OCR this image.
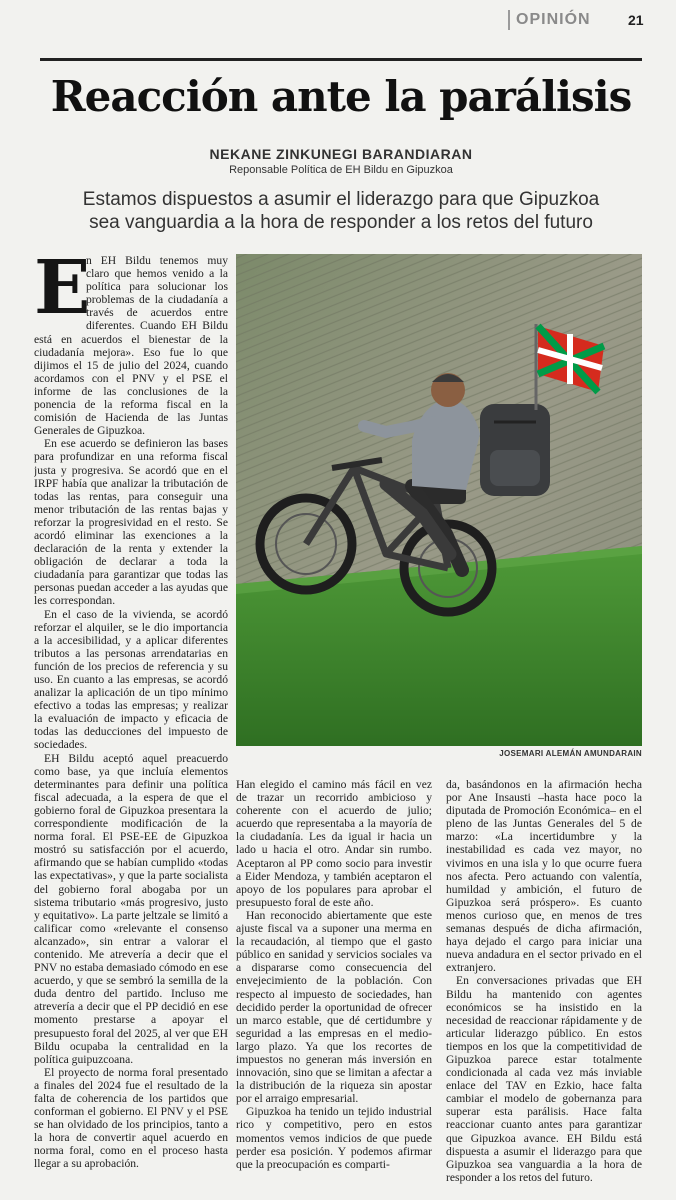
OPINIÓN	21
Reacción ante la parálisis
NEKANE ZINKUNEGI BARANDIARAN
Reponsable Política de EH Bildu en Gipuzkoa
Estamos dispuestos a asumir el liderazgo para que Gipuzkoa
sea vanguardia a la hora de responder a los retos del futuro
E

n EH Bildu tenemos muy claro que hemos venido a la política para solucionar los problemas de la ciudadanía a través de acuerdos entre diferentes. Cuando EH Bildu está en acuerdos el bienestar de la ciudadanía mejora». Eso fue lo que dijimos el 15 de julio del 2024, cuando acordamos con el PNV y el PSE el informe de las conclusiones de la ponencia de la reforma fiscal en la comisión de Hacienda de las Juntas Generales de Gipuzkoa.

En ese acuerdo se definieron las bases para profundizar en una reforma fiscal justa y progresiva. Se acordó que en el IRPF había que analizar la tributación de todas las rentas, para conseguir una menor tributación de las rentas bajas y reforzar la progresividad en el resto. Se acordó eliminar las exenciones a la declaración de la renta y extender la obligación de declarar a toda la ciudadanía para garantizar que todas las personas puedan acceder a las ayudas que les correspondan.

En el caso de la vivienda, se acordó reforzar el alquiler, se le dio importancia a la accesibilidad, y a aplicar diferentes tributos a las personas arrendatarias en función de los precios de referencia y su uso. En cuanto a las empresas, se acordó analizar la aplicación de un tipo mínimo efectivo a todas las empresas; y realizar la evaluación de impacto y eficacia de todas las deducciones del impuesto de sociedades.

EH Bildu aceptó aquel preacuerdo como base, ya que incluía elementos determinantes para definir una política fiscal adecuada, a la espera de que el gobierno foral de Gipuzkoa presentara la correspondiente modificación de la norma foral. El PSE-EE de Gipuzkoa mostró su satisfacción por el acuerdo, afirmando que se habían cumplido «todas las expectativas», y que la parte socialista del gobierno foral abogaba por un sistema tributario «más progresivo, justo y equitativo». La parte jeltzale se limitó a calificar como «relevante el consenso alcanzado», sin entrar a valorar el contenido. Me atrevería a decir que el PNV no estaba demasiado cómodo en ese acuerdo, y que se sembró la semilla de la duda dentro del partido. Incluso me atrevería a decir que el PP decidió en ese momento prestarse a apoyar el presupuesto foral del 2025, al ver que EH Bildu ocupaba la centralidad en la política guipuzcoana.

El proyecto de norma foral presentado a finales del 2024 fue el resultado de la falta de coherencia de los partidos que conforman el gobierno. El PNV y el PSE se han olvidado de los principios, tanto a la hora de convertir aquel acuerdo en norma foral, como en el proceso hasta llegar a su aprobación.

JOSEMARI ALEMÁN AMUNDARAIN

Han elegido el camino más fácil en vez de trazar un recorrido ambicioso y coherente con el acuerdo de julio; acuerdo que representaba a la mayoría de la ciudadanía. Les da igual ir hacia un lado u hacia el otro. Andar sin rumbo. Aceptaron al PP como socio para investir a Eider Mendoza, y también aceptaron el apoyo de los populares para aprobar el presupuesto foral de este año.

Han reconocido abiertamente que este ajuste fiscal va a suponer una merma en la recaudación, al tiempo que el gasto público en sanidad y servicios sociales va a dispararse como consecuencia del envejecimiento de la población. Con respecto al impuesto de sociedades, han decidido perder la oportunidad de ofrecer un marco estable, que dé certidumbre y seguridad a las empresas en el medio-largo plazo. Ya que los recortes de impuestos no generan más inversión en innovación, sino que se limitan a afectar a la distribución de la riqueza sin apostar por el arraigo empresarial.

Gipuzkoa ha tenido un tejido industrial rico y competitivo, pero en estos momentos vemos indicios de que puede perder esa posición. Y podemos afirmar que la preocupación es comparti-

da, basándonos en la afirmación hecha por Ane Insausti –hasta hace poco la diputada de Promoción Económica– en el pleno de las Juntas Generales del 5 de marzo: «La incertidumbre y la inestabilidad es cada vez mayor, no vivimos en una isla y lo que ocurre fuera nos afecta. Pero actuando con valentía, humildad y ambición, el futuro de Gipuzkoa será próspero». Es cuanto menos curioso que, en menos de tres semanas después de dicha afirmación, haya dejado el cargo para iniciar una nueva andadura en el sector privado en el extranjero.

En conversaciones privadas que EH Bildu ha mantenido con agentes económicos se ha insistido en la necesidad de reaccionar rápidamente y de articular liderazgo público. En estos tiempos en los que la competitividad de Gipuzkoa parece estar totalmente condicionada al cada vez más inviable enlace del TAV en Ezkio, hace falta cambiar el modelo de gobernanza para superar esta parálisis. Hace falta reaccionar cuanto antes para garantizar que Gipuzkoa avance. EH Bildu está dispuesta a asumir el liderazgo para que Gipuzkoa sea vanguardia a la hora de responder a los retos del futuro.
